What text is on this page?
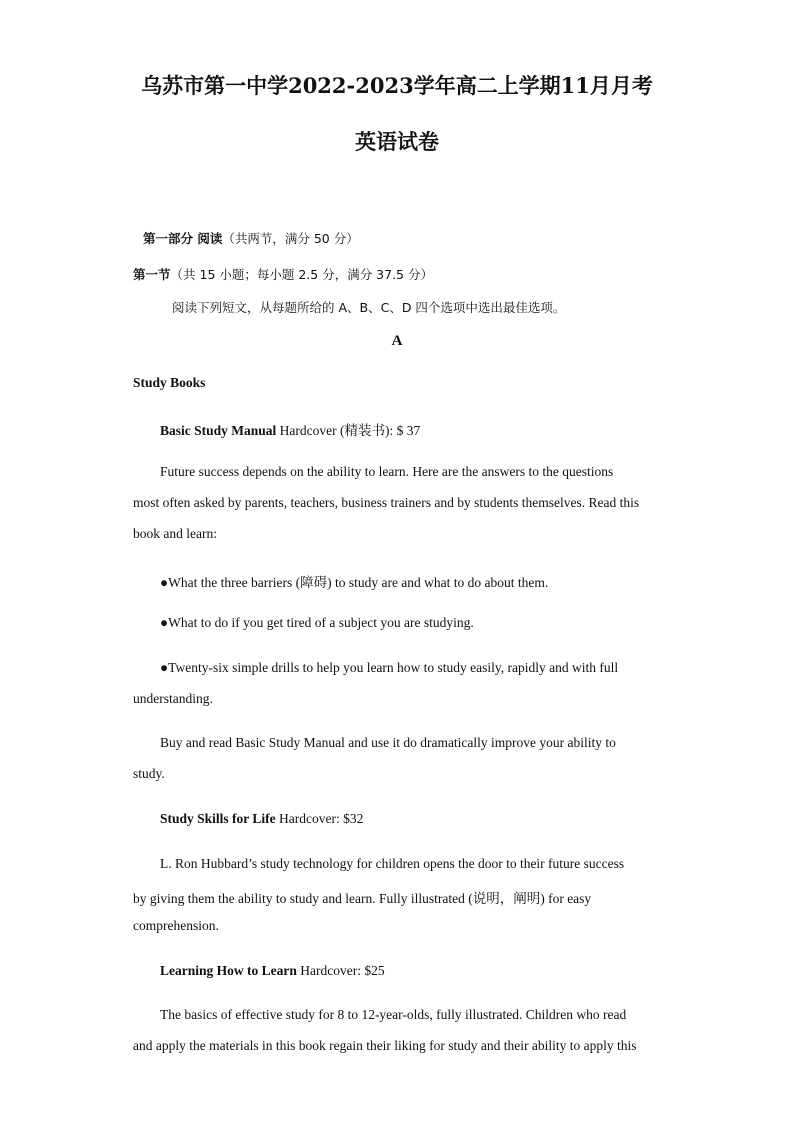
乌苏市第一中学2022-2023学年高二上学期11月月考
英语试卷
第一部分 阅读（共两节，满分 50 分）
第一节（共 15 小题；每小题 2.5 分，满分 37.5 分）
阅读下列短文，从每题所给的 A、B、C、D 四个选项中选出最佳选项。
A
Study Books
Basic Study Manual Hardcover (精装书): $ 37
Future success depends on the ability to learn. Here are the answers to the questions
most often asked by parents, teachers, business trainers and by students themselves. Read this
book and learn:
●What the three barriers (障碍) to study are and what to do about them.
●What to do if you get tired of a subject you are studying.
●Twenty-six simple drills to help you learn how to study easily, rapidly and with full
understanding.
Buy and read Basic Study Manual and use it do dramatically improve your ability to
study.
Study Skills for Life Hardcover: $32
L. Ron Hubbard’s study technology for children opens the door to their future success
by giving them the ability to study and learn. Fully illustrated (说明，阐明) for easy
comprehension.
Learning How to Learn Hardcover: $25
The basics of effective study for 8 to 12-year-olds, fully illustrated. Children who read
and apply the materials in this book regain their liking for study and their ability to apply this
